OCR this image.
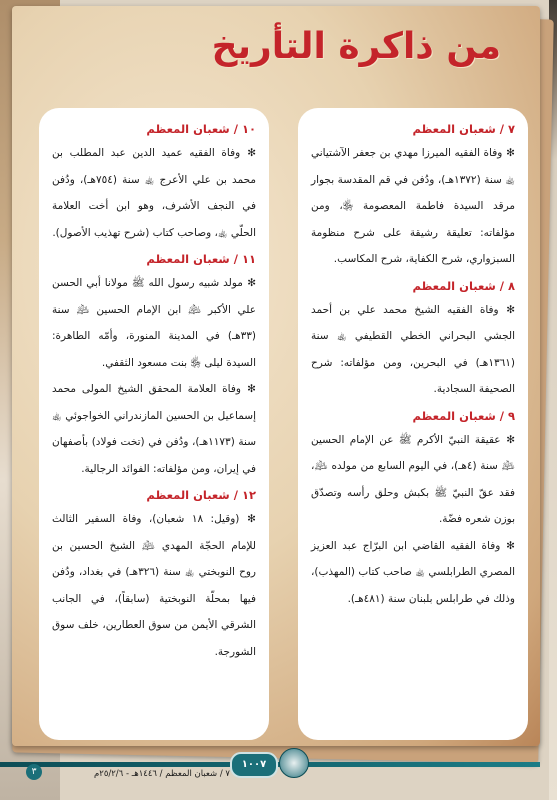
من ذاكرة التأريخ
٧ / شعبان المعظم

✻ وفاة الفقيه الميرزا مهدي بن جعفر الآشتياني ﵀ سنة (١٣٧٢هـ)، ودُفن في قم المقدسة بجوار مرقد السيدة فاطمة المعصومة ﵂، ومن مؤلفاته: تعليقة رشيقة على شرح منظومة السبزواري، شرح الكفاية، شرح المكاسب.

٨ / شعبان المعظم

✻ وفاة الفقيه الشيخ محمد علي بن أحمد الجشي البحراني الخطي القطيفي ﵀ سنة (١٣٦١هـ) في البحرين، ومن مؤلفاته: شرح الصحيفة السجادية.

٩ / شعبان المعظم

✻ عقيقة النبيّ الأكرم ﷺ عن الإمام الحسين ﵇ سنة (٤هـ)، في اليوم السابع من مولده ﵇، فقد عقّ النبيّ ﷺ بكبش وحلق رأسه وتصدّق بوزن شعره فضّة.

✻ وفاة الفقيه القاضي ابن البرّاج عبد العزيز المصري الطرابلسي ﵀ صاحب كتاب (المهذب)، وذلك في طرابلس بلبنان سنة (٤٨١هـ).

١٠ / شعبان المعظم

✻ وفاة الفقيه عميد الدين عبد المطلب بن محمد بن علي الأعرج ﵀ سنة (٧٥٤هـ)، ودُفن في النجف الأشرف، وهو ابن أخت العلامة الحلّي ﵀، وصاحب كتاب (شرح تهذيب الأصول).

١١ / شعبان المعظم

✻ مولد شبيه رسول الله ﷺ مولانا أبي الحسن علي الأكبر ﵇ ابن الإمام الحسين ﵇ سنة (٣٣هـ) في المدينة المنورة، وأمّه الطاهرة: السيدة ليلى ﵂ بنت مسعود الثقفي.

✻ وفاة العلامة المحقق الشيخ المولى محمد إسماعيل بن الحسين المازندراني الخواجوئي ﵀ سنة (١١٧٣هـ)، ودُفن في (تخت فولاد) بأصفهان في إيران، ومن مؤلفاته: الفوائد الرجالية.

١٢ / شعبان المعظم

✻ (وقيل: ١٨ شعبان)، وفاة السفير الثالث للإمام الحجّة المهدي ﵇ الشيخ الحسين بن روح النوبختي ﵀ سنة (٣٢٦هـ) في بغداد، ودُفن فيها بمحلّة النوبختية (سابقاً)، في الجانب الشرقي الأيمن من سوق العطارين، خلف سوق الشورجة.

١٠٠٧
٧ / شعبان المعظم / ١٤٤٦هـ - ٢٥/٢/٦م
٣
